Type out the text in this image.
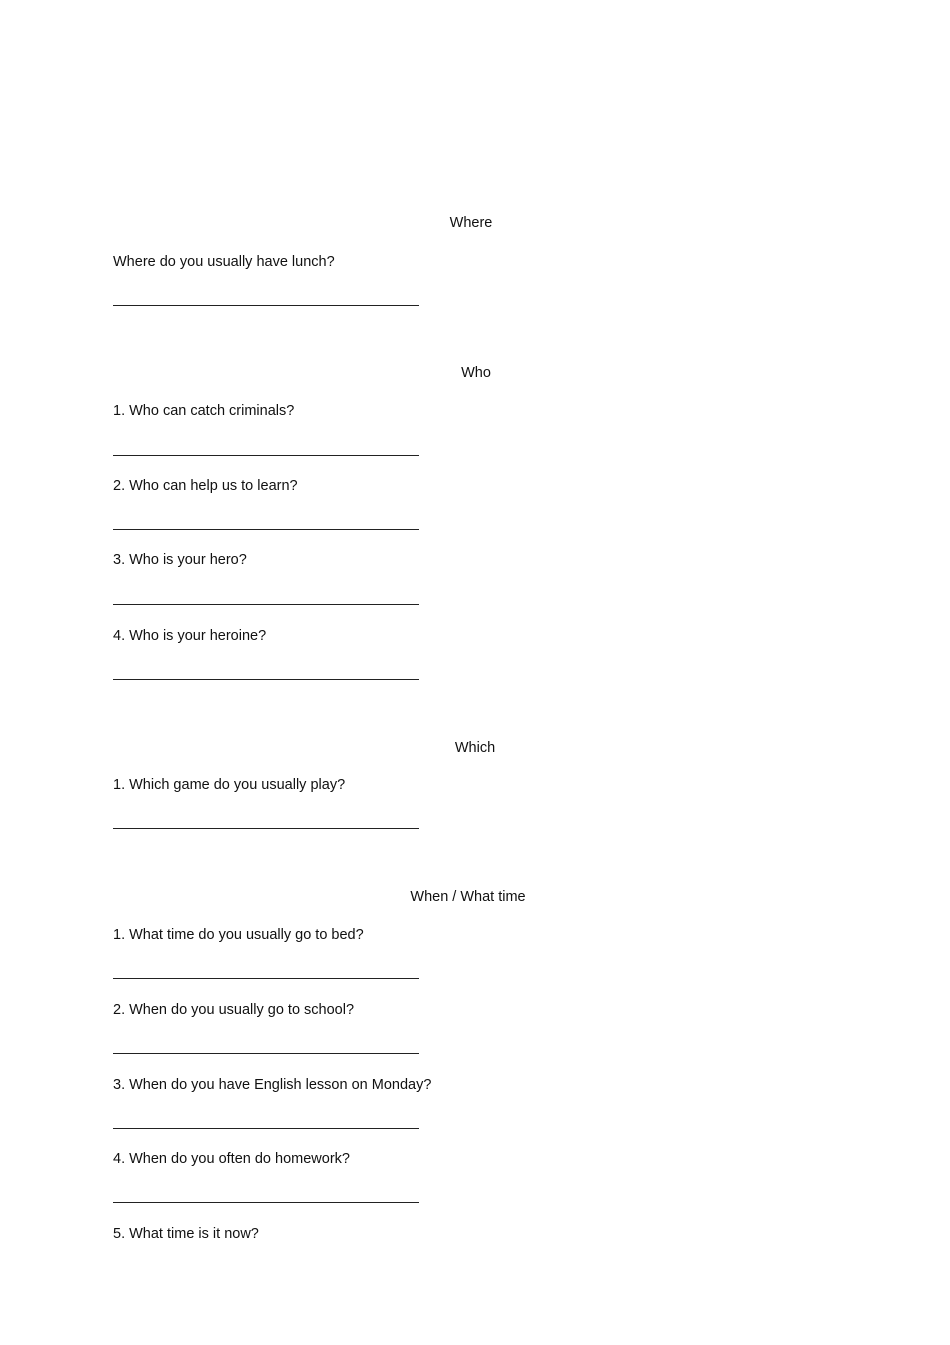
Where
Where do you usually have lunch?
Who
1. Who can catch criminals?
2. Who can help us to learn?
3. Who is your hero?
4. Who is your heroine?
Which
1. Which game do you usually play?
When / What time
1. What time do you usually go to bed?
2. When do you usually go to school?
3. When do you have English lesson on Monday?
4. When do you often do homework?
5. What time is it now?
